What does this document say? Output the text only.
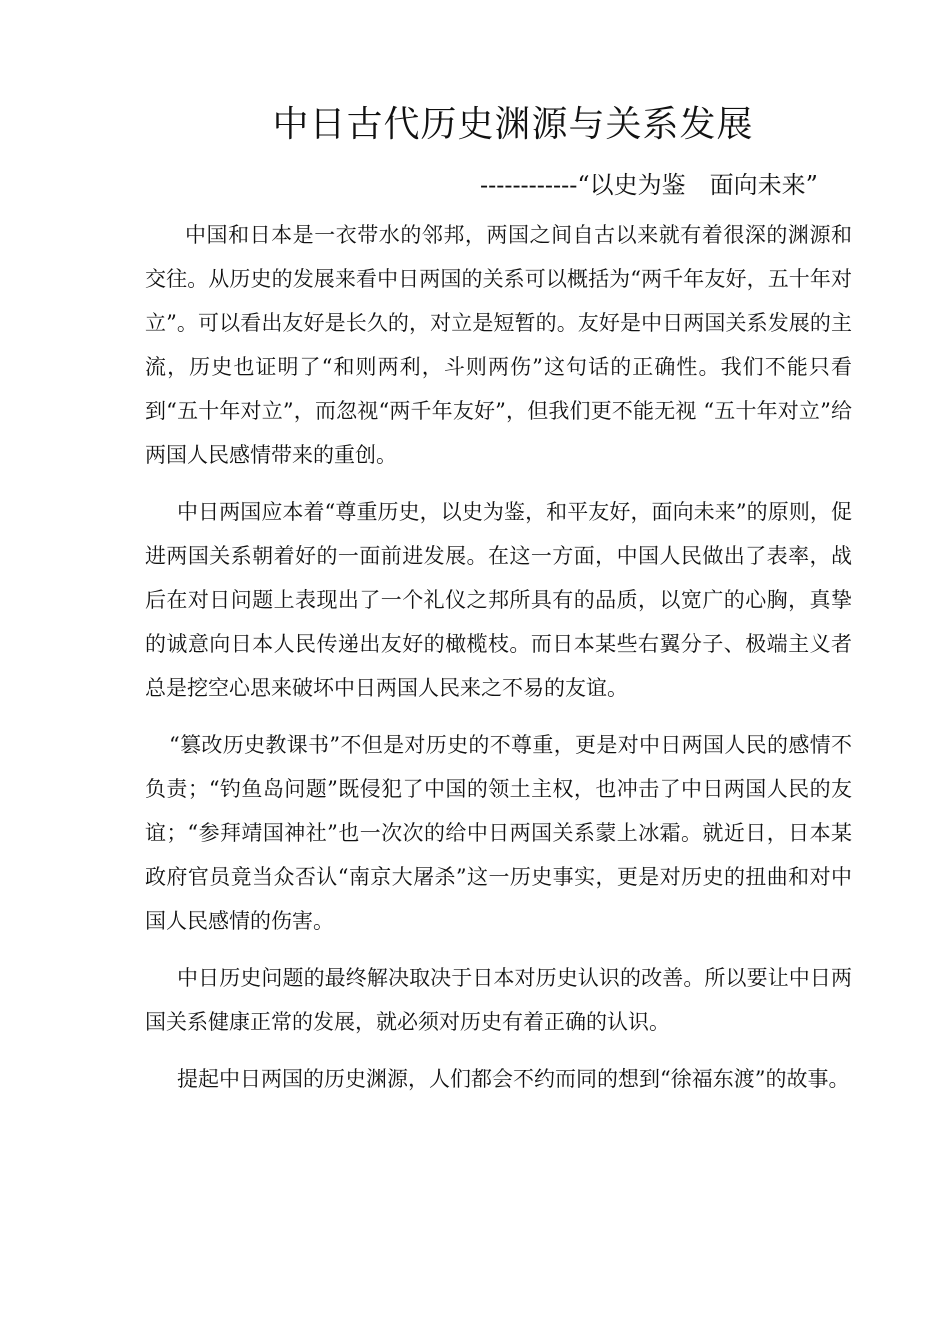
中日古代历史渊源与关系发展
------------“以史为鉴　面向未来”

中国和日本是一衣带水的邻邦，两国之间自古以来就有着很深的渊源和交往。从历史的发展来看中日两国的关系可以概括为“两千年友好，五十年对立”。可以看出友好是长久的，对立是短暂的。友好是中日两国关系发展的主流，历史也证明了“和则两利，斗则两伤”这句话的正确性。我们不能只看到“五十年对立”，而忽视“两千年友好”，但我们更不能无视 “五十年对立”给两国人民感情带来的重创。

中日两国应本着“尊重历史，以史为鉴，和平友好，面向未来”的原则，促进两国关系朝着好的一面前进发展。在这一方面，中国人民做出了表率，战后在对日问题上表现出了一个礼仪之邦所具有的品质，以宽广的心胸，真挚的诚意向日本人民传递出友好的橄榄枝。而日本某些右翼分子、极端主义者总是挖空心思来破坏中日两国人民来之不易的友谊。

“篡改历史教课书”不但是对历史的不尊重，更是对中日两国人民的感情不负责；“钓鱼岛问题”既侵犯了中国的领土主权，也冲击了中日两国人民的友谊；“参拜靖国神社”也一次次的给中日两国关系蒙上冰霜。就近日，日本某政府官员竟当众否认“南京大屠杀”这一历史事实，更是对历史的扭曲和对中国人民感情的伤害。

中日历史问题的最终解决取决于日本对历史认识的改善。所以要让中日两国关系健康正常的发展，就必须对历史有着正确的认识。

提起中日两国的历史渊源，人们都会不约而同的想到“徐福东渡”的故事。
